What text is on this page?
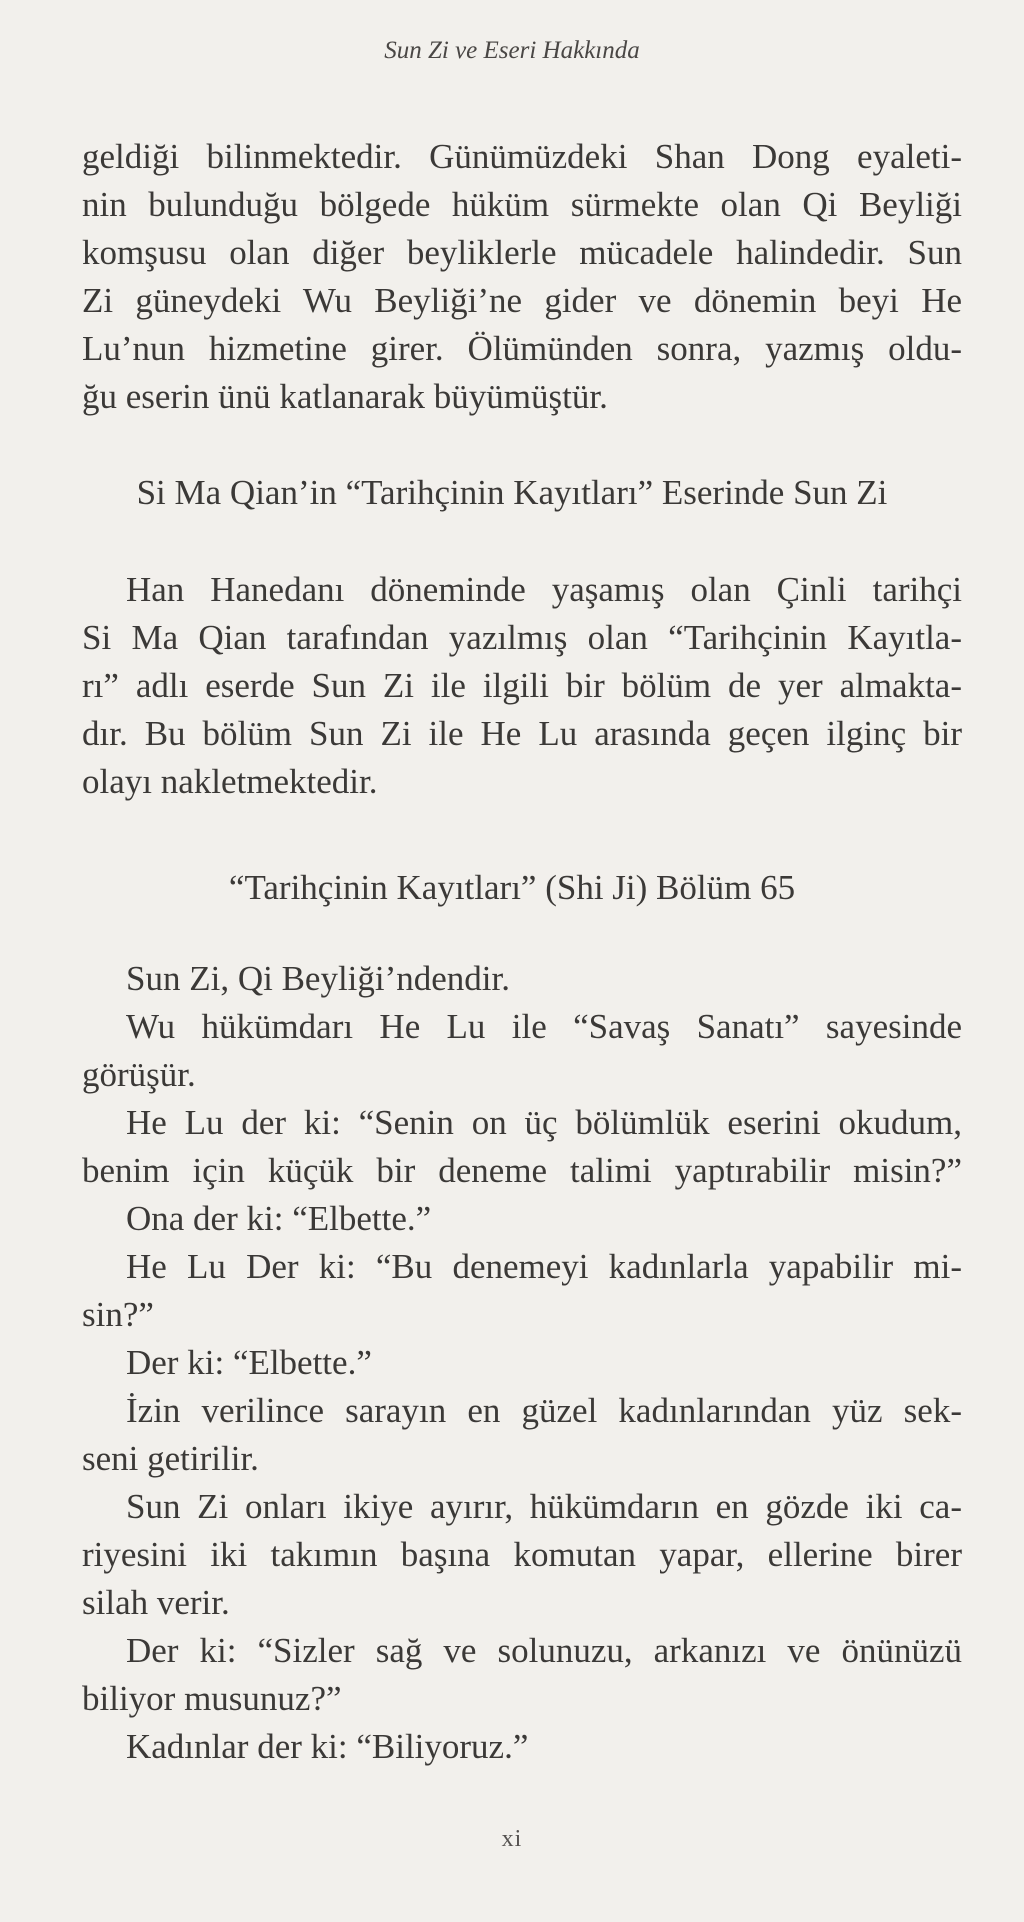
Sun Zi ve Eseri Hakkında
geldiği bilinmektedir. Günümüzdeki Shan Dong eyaleti-
nin bulunduğu bölgede hüküm sürmekte olan Qi Beyliği
komşusu olan diğer beyliklerle mücadele halindedir. Sun
Zi güneydeki Wu Beyliği’ne gider ve dönemin beyi He
Lu’nun hizmetine girer. Ölümünden sonra, yazmış oldu-
ğu eserin ünü katlanarak büyümüştür.
Si Ma Qian’in “Tarihçinin Kayıtları” Eserinde Sun Zi
Han Hanedanı döneminde yaşamış olan Çinli tarihçi
Si Ma Qian tarafından yazılmış olan “Tarihçinin Kayıtla-
rı” adlı eserde Sun Zi ile ilgili bir bölüm de yer almakta-
dır. Bu bölüm Sun Zi ile He Lu arasında geçen ilginç bir
olayı nakletmektedir.
“Tarihçinin Kayıtları” (Shi Ji) Bölüm 65
Sun Zi, Qi Beyliği’ndendir.
Wu hükümdarı He Lu ile “Savaş Sanatı” sayesinde
görüşür.
He Lu der ki: “Senin on üç bölümlük eserini okudum,
benim için küçük bir deneme talimi yaptırabilir misin?”
Ona der ki: “Elbette.”
He Lu Der ki: “Bu denemeyi kadınlarla yapabilir mi-
sin?”
Der ki: “Elbette.”
İzin verilince sarayın en güzel kadınlarından yüz sek-
seni getirilir.
Sun Zi onları ikiye ayırır, hükümdarın en gözde iki ca-
riyesini iki takımın başına komutan yapar, ellerine birer
silah verir.
Der ki: “Sizler sağ ve solunuzu, arkanızı ve önünüzü
biliyor musunuz?”
Kadınlar der ki: “Biliyoruz.”
xi
